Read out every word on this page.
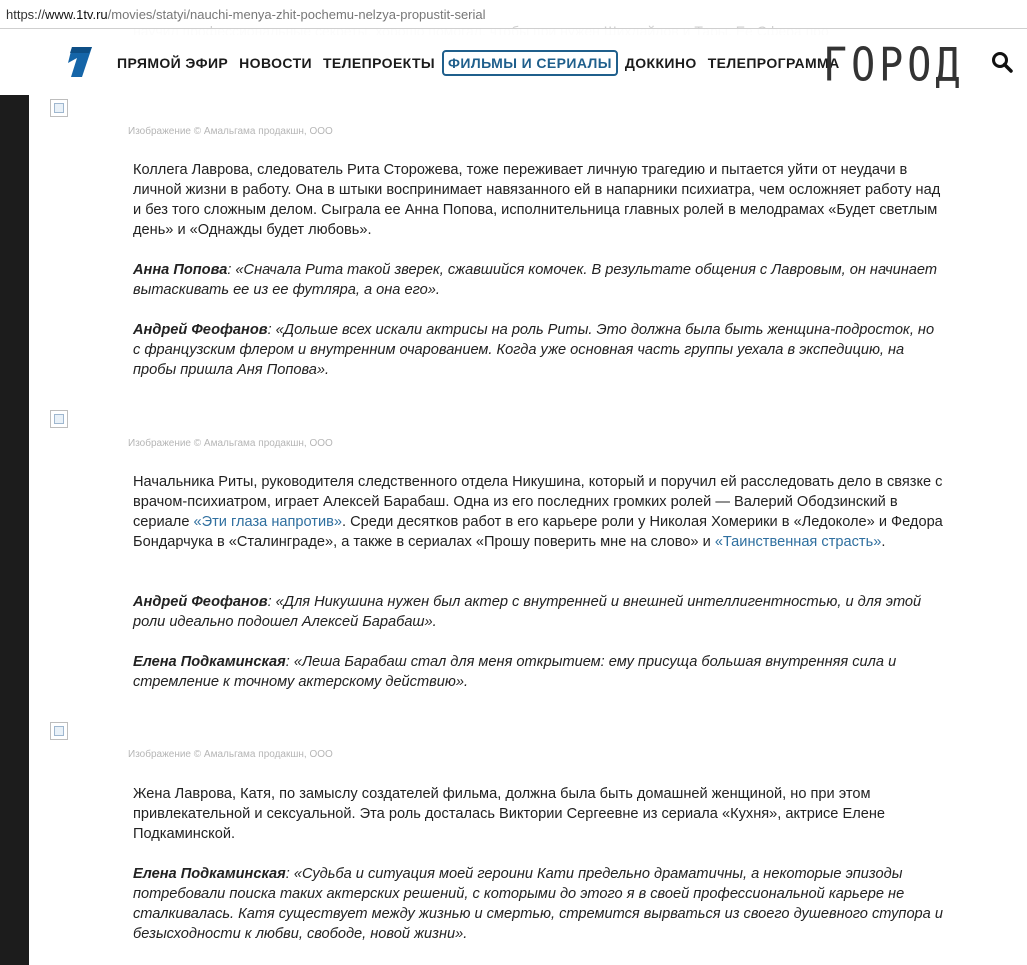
https://www.1tv.ru/movies/statyi/nauchi-menya-zhit-pochemu-nelzya-propustit-serial
ПРЯМОЙ ЭФИР НОВОСТИ ТЕЛЕПРОЕКТЫ ФИЛЬМЫ И СЕРИАЛЫ ДОККИНО ТЕЛЕПРОГРАММА
ГОРОД
Изображение © Амальгама продакшн, ООО
Коллега Лаврова, следователь Рита Сторожева, тоже переживает личную трагедию и пытается уйти от неудачи в личной жизни в работу. Она в штыки воспринимает навязанного ей в напарники психиатра, чем осложняет работу над и без того сложным делом. Сыграла ее Анна Попова, исполнительница главных ролей в мелодрамах «Будет светлым день» и «Однажды будет любовь».
Анна Попова: «Сначала Рита такой зверек, сжавшийся комочек. В результате общения с Лавровым, он начинает вытаскивать ее из ее футляра, а она его».
Андрей Феофанов: «Дольше всех искали актрисы на роль Риты. Это должна была быть женщина-подросток, но с французским флером и внутренним очарованием. Когда уже основная часть группы уехала в экспедицию, на пробы пришла Аня Попова».
Изображение © Амальгама продакшн, ООО
Начальника Риты, руководителя следственного отдела Никушина, который и поручил ей расследовать дело в связке с врачом-психиатром, играет Алексей Барабаш. Одна из его последних громких ролей — Валерий Ободзинский в сериале «Эти глаза напротив». Среди десятков работ в его карьере роли у Николая Хомерики в «Ледоколе» и Федора Бондарчука в «Сталинграде», а также в сериалах «Прошу поверить мне на слово» и «Таинственная страсть».
Андрей Феофанов: «Для Никушина нужен был актер с внутренней и внешней интеллигентностью, и для этой роли идеально подошел Алексей Барабаш».
Елена Подкаминская: «Леша Барабаш стал для меня открытием: ему присуща большая внутренняя сила и стремление к точному актерскому действию».
Изображение © Амальгама продакшн, ООО
Жена Лаврова, Катя, по замыслу создателей фильма, должна была быть домашней женщиной, но при этом привлекательной и сексуальной. Эта роль досталась Виктории Сергеевне из сериала «Кухня», актрисе Елене Подкаминской.
Елена Подкаминская: «Судьба и ситуация моей героини Кати предельно драматичны, а некоторые эпизоды потребовали поиска таких актерских решений, с которыми до этого я в своей профессиональной карьере не сталкивалась. Катя существует между жизнью и смертью, стремится вырваться из своего душевного ступора и безысходности к любви, свободе, новой жизни».
